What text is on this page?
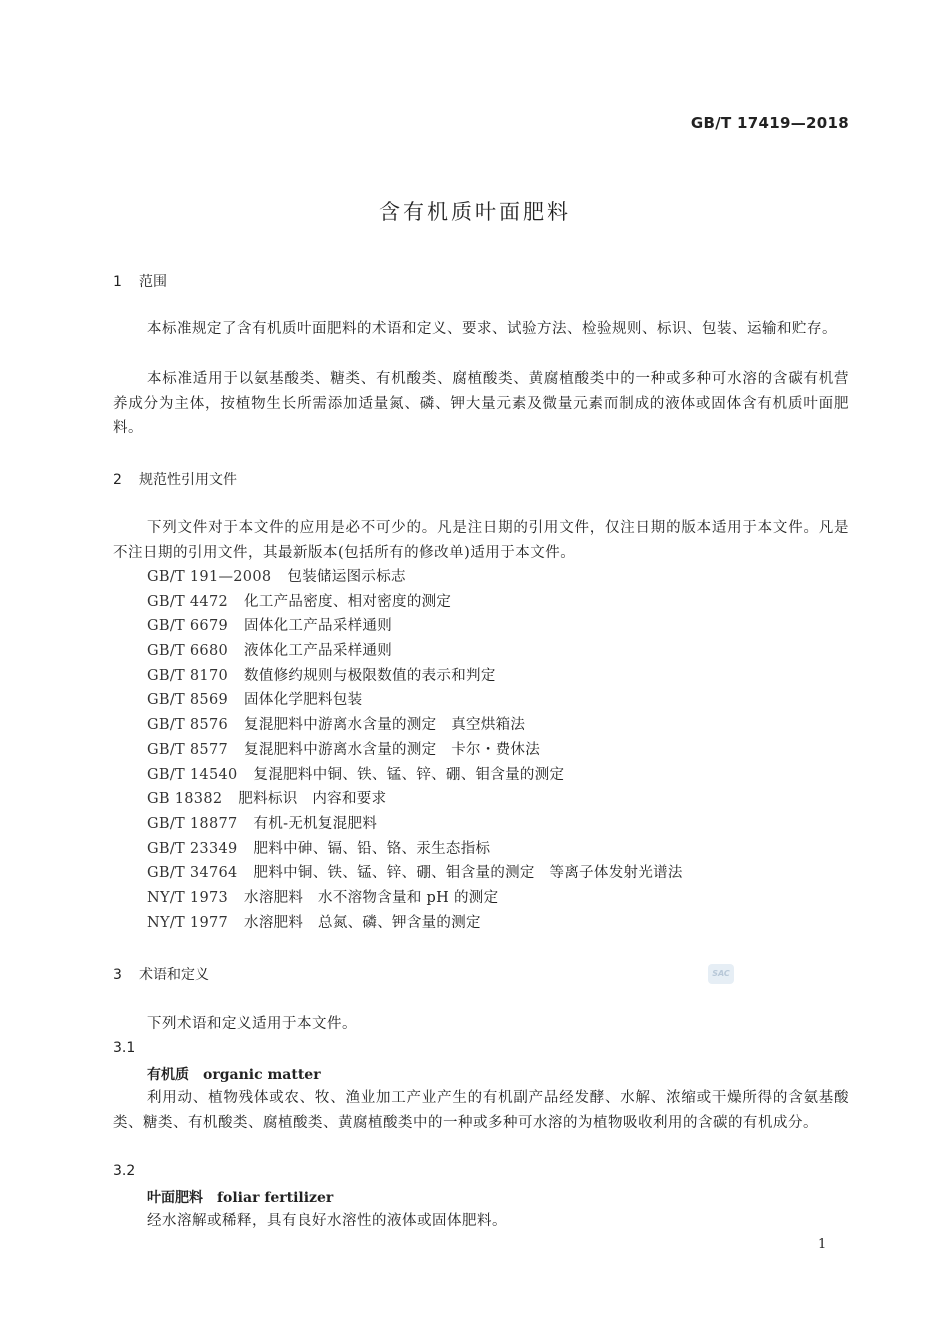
GB/T 17419—2018
含有机质叶面肥料
1 范围

本标准规定了含有机质叶面肥料的术语和定义、要求、试验方法、检验规则、标识、包装、运输和贮存。

本标准适用于以氨基酸类、糖类、有机酸类、腐植酸类、黄腐植酸类中的一种或多种可水溶的含碳有机营养成分为主体，按植物生长所需添加适量氮、磷、钾大量元素及微量元素而制成的液体或固体含有机质叶面肥料。

2 规范性引用文件

下列文件对于本文件的应用是必不可少的。凡是注日期的引用文件，仅注日期的版本适用于本文件。凡是不注日期的引用文件，其最新版本(包括所有的修改单)适用于本文件。

GB/T 191—2008 包装储运图示标志
GB/T 4472 化工产品密度、相对密度的测定
GB/T 6679 固体化工产品采样通则
GB/T 6680 液体化工产品采样通则
GB/T 8170 数值修约规则与极限数值的表示和判定
GB/T 8569 固体化学肥料包装
GB/T 8576 复混肥料中游离水含量的测定　真空烘箱法
GB/T 8577 复混肥料中游离水含量的测定　卡尔・费休法
GB/T 14540 复混肥料中铜、铁、锰、锌、硼、钼含量的测定
GB 18382 肥料标识　内容和要求
GB/T 18877 有机-无机复混肥料
GB/T 23349 肥料中砷、镉、铅、铬、汞生态指标
GB/T 34764 肥料中铜、铁、锰、锌、硼、钼含量的测定　等离子体发射光谱法
NY/T 1973 水溶肥料　水不溶物含量和 pH 的测定
NY/T 1977 水溶肥料　总氮、磷、钾含量的测定
3 术语和定义	SAC

下列术语和定义适用于本文件。

3.1
有机质 organic matter

利用动、植物残体或农、牧、渔业加工产业产生的有机副产品经发酵、水解、浓缩或干燥所得的含氨基酸类、糖类、有机酸类、腐植酸类、黄腐植酸类中的一种或多种可水溶的为植物吸收利用的含碳的有机成分。

3.2
叶面肥料 foliar fertilizer

经水溶解或稀释，具有良好水溶性的液体或固体肥料。

1
